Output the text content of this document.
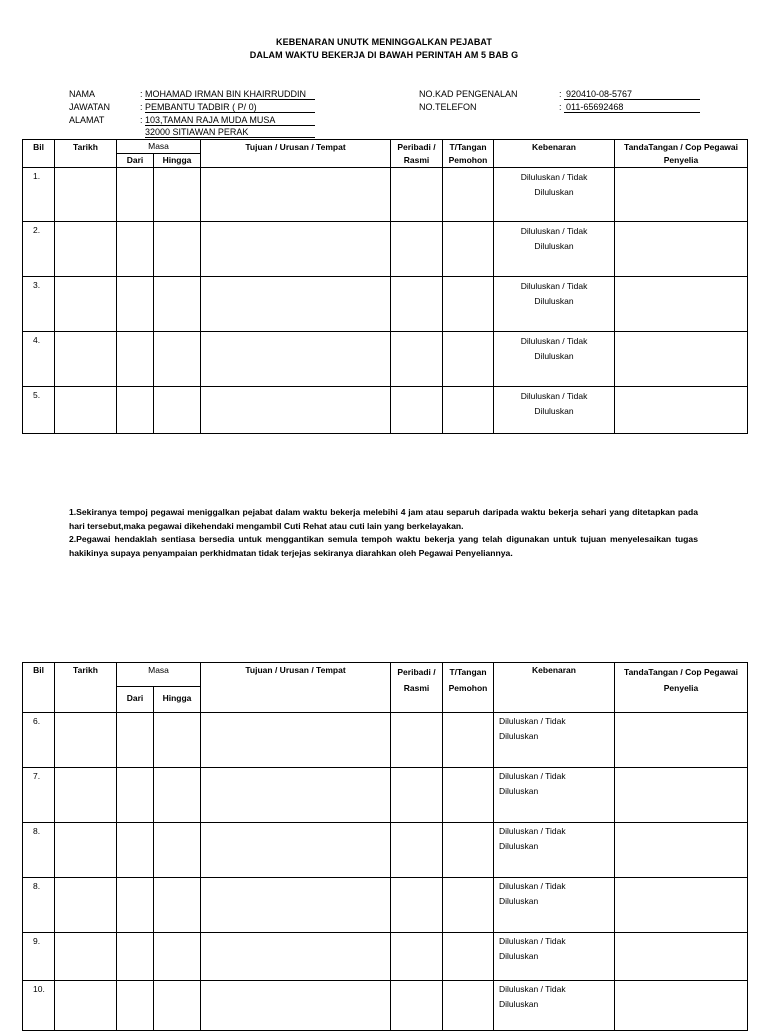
KEBENARAN UNUTK MENINGGALKAN PEJABAT
DALAM WAKTU BEKERJA DI BAWAH PERINTAH AM 5 BAB G
NAMA	: MOHAMAD IRMAN BIN KHAIRRUDDIN
JAWATAN	: PEMBANTU TADBIR ( P/ 0)
ALAMAT	: 103,TAMAN RAJA MUDA MUSA
32000 SITIAWAN PERAK
NO.KAD PENGENALAN	: 920410-08-5767
NO.TELEFON	: 011-65692468
Bil	Tarikh	Masa		Tujuan / Urusan / Tempat	Peribadi / Rasmi	T/Tangan Pemohon	Kebenaran	TandaTangan / Cop Pegawai Penyelia

		Dari	Hingga					

1.							Diluluskan / Tidak
Diluluskan	

2.							Diluluskan / Tidak
Diluluskan	

3.							Diluluskan / Tidak
Diluluskan	

4.							Diluluskan / Tidak
Diluluskan	

5.							Diluluskan / Tidak
Diluluskan	

1.Sekiranya tempoj pegawai meniggalkan pejabat dalam waktu bekerja melebihi 4 jam atau separuh daripada waktu bekerja sehari yang ditetapkan pada hari tersebut,maka pegawai dikehendaki mengambil Cuti Rehat atau cuti lain yang berkelayakan.

2.Pegawai hendaklah sentiasa bersedia untuk menggantikan semula tempoh waktu bekerja yang telah digunakan untuk tujuan menyelesaikan tugas hakikinya supaya penyampaian perkhidmatan tidak terjejas sekiranya diarahkan oleh Pegawai Penyeliannya.

Bil	Tarikh	Masa		Tujuan / Urusan / Tempat	Peribadi / Rasmi	T/Tangan Pemohon	Kebenaran	TandaTangan / Cop Pegawai Penyelia

		Dari	Hingga					

6.							Diluluskan / Tidak
Diluluskan	

7.							Diluluskan / Tidak
Diluluskan	

8.							Diluluskan / Tidak
Diluluskan	

8.							Diluluskan / Tidak
Diluluskan	

9.							Diluluskan / Tidak
Diluluskan	

10.							Diluluskan / Tidak
Diluluskan	
